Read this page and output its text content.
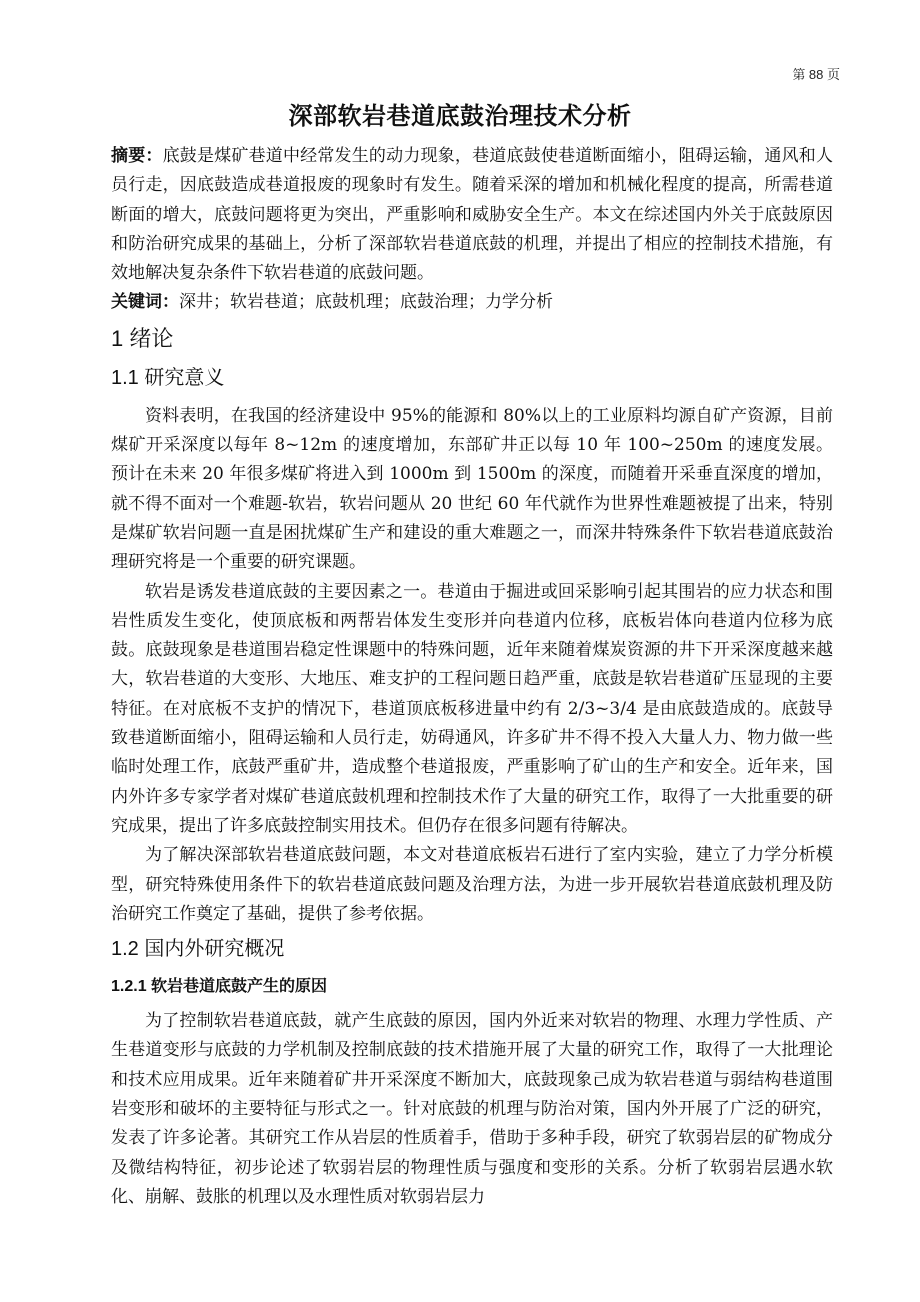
第 88 页
深部软岩巷道底鼓治理技术分析

摘要：底鼓是煤矿巷道中经常发生的动力现象，巷道底鼓使巷道断面缩小，阻碍运输，通风和人员行走，因底鼓造成巷道报废的现象时有发生。随着采深的增加和机械化程度的提高，所需巷道断面的增大，底鼓问题将更为突出，严重影响和威胁安全生产。本文在综述国内外关于底鼓原因和防治研究成果的基础上，分析了深部软岩巷道底鼓的机理，并提出了相应的控制技术措施，有效地解决复杂条件下软岩巷道的底鼓问题。

关键词：深井；软岩巷道；底鼓机理；底鼓治理；力学分析

1 绪论
1.1 研究意义

资料表明，在我国的经济建设中 95%的能源和 80%以上的工业原料均源自矿产资源，目前煤矿开采深度以每年 8~12m 的速度增加，东部矿井正以每 10 年 100~250m 的速度发展。预计在未来 20 年很多煤矿将进入到 1000m 到 1500m 的深度，而随着开采垂直深度的增加，就不得不面对一个难题-软岩，软岩问题从 20 世纪 60 年代就作为世界性难题被提了出来，特别是煤矿软岩问题一直是困扰煤矿生产和建设的重大难题之一，而深井特殊条件下软岩巷道底鼓治理研究将是一个重要的研究课题。

软岩是诱发巷道底鼓的主要因素之一。巷道由于掘进或回采影响引起其围岩的应力状态和围岩性质发生变化，使顶底板和两帮岩体发生变形并向巷道内位移，底板岩体向巷道内位移为底鼓。底鼓现象是巷道围岩稳定性课题中的特殊问题，近年来随着煤炭资源的井下开采深度越来越大，软岩巷道的大变形、大地压、难支护的工程问题日趋严重，底鼓是软岩巷道矿压显现的主要特征。在对底板不支护的情况下，巷道顶底板移进量中约有 2/3~3/4 是由底鼓造成的。底鼓导致巷道断面缩小，阻碍运输和人员行走，妨碍通风，许多矿井不得不投入大量人力、物力做一些临时处理工作，底鼓严重矿井，造成整个巷道报废，严重影响了矿山的生产和安全。近年来，国内外许多专家学者对煤矿巷道底鼓机理和控制技术作了大量的研究工作，取得了一大批重要的研究成果，提出了许多底鼓控制实用技术。但仍存在很多问题有待解决。

为了解决深部软岩巷道底鼓问题，本文对巷道底板岩石进行了室内实验，建立了力学分析模型，研究特殊使用条件下的软岩巷道底鼓问题及治理方法，为进一步开展软岩巷道底鼓机理及防治研究工作奠定了基础，提供了参考依据。

1.2 国内外研究概况
1.2.1 软岩巷道底鼓产生的原因

为了控制软岩巷道底鼓，就产生底鼓的原因，国内外近来对软岩的物理、水理力学性质、产生巷道变形与底鼓的力学机制及控制底鼓的技术措施开展了大量的研究工作，取得了一大批理论和技术应用成果。近年来随着矿井开采深度不断加大，底鼓现象己成为软岩巷道与弱结构巷道围岩变形和破坏的主要特征与形式之一。针对底鼓的机理与防治对策，国内外开展了广泛的研究，发表了许多论著。其研究工作从岩层的性质着手，借助于多种手段，研究了软弱岩层的矿物成分及微结构特征，初步论述了软弱岩层的物理性质与强度和变形的关系。分析了软弱岩层遇水软化、崩解、鼓胀的机理以及水理性质对软弱岩层力
